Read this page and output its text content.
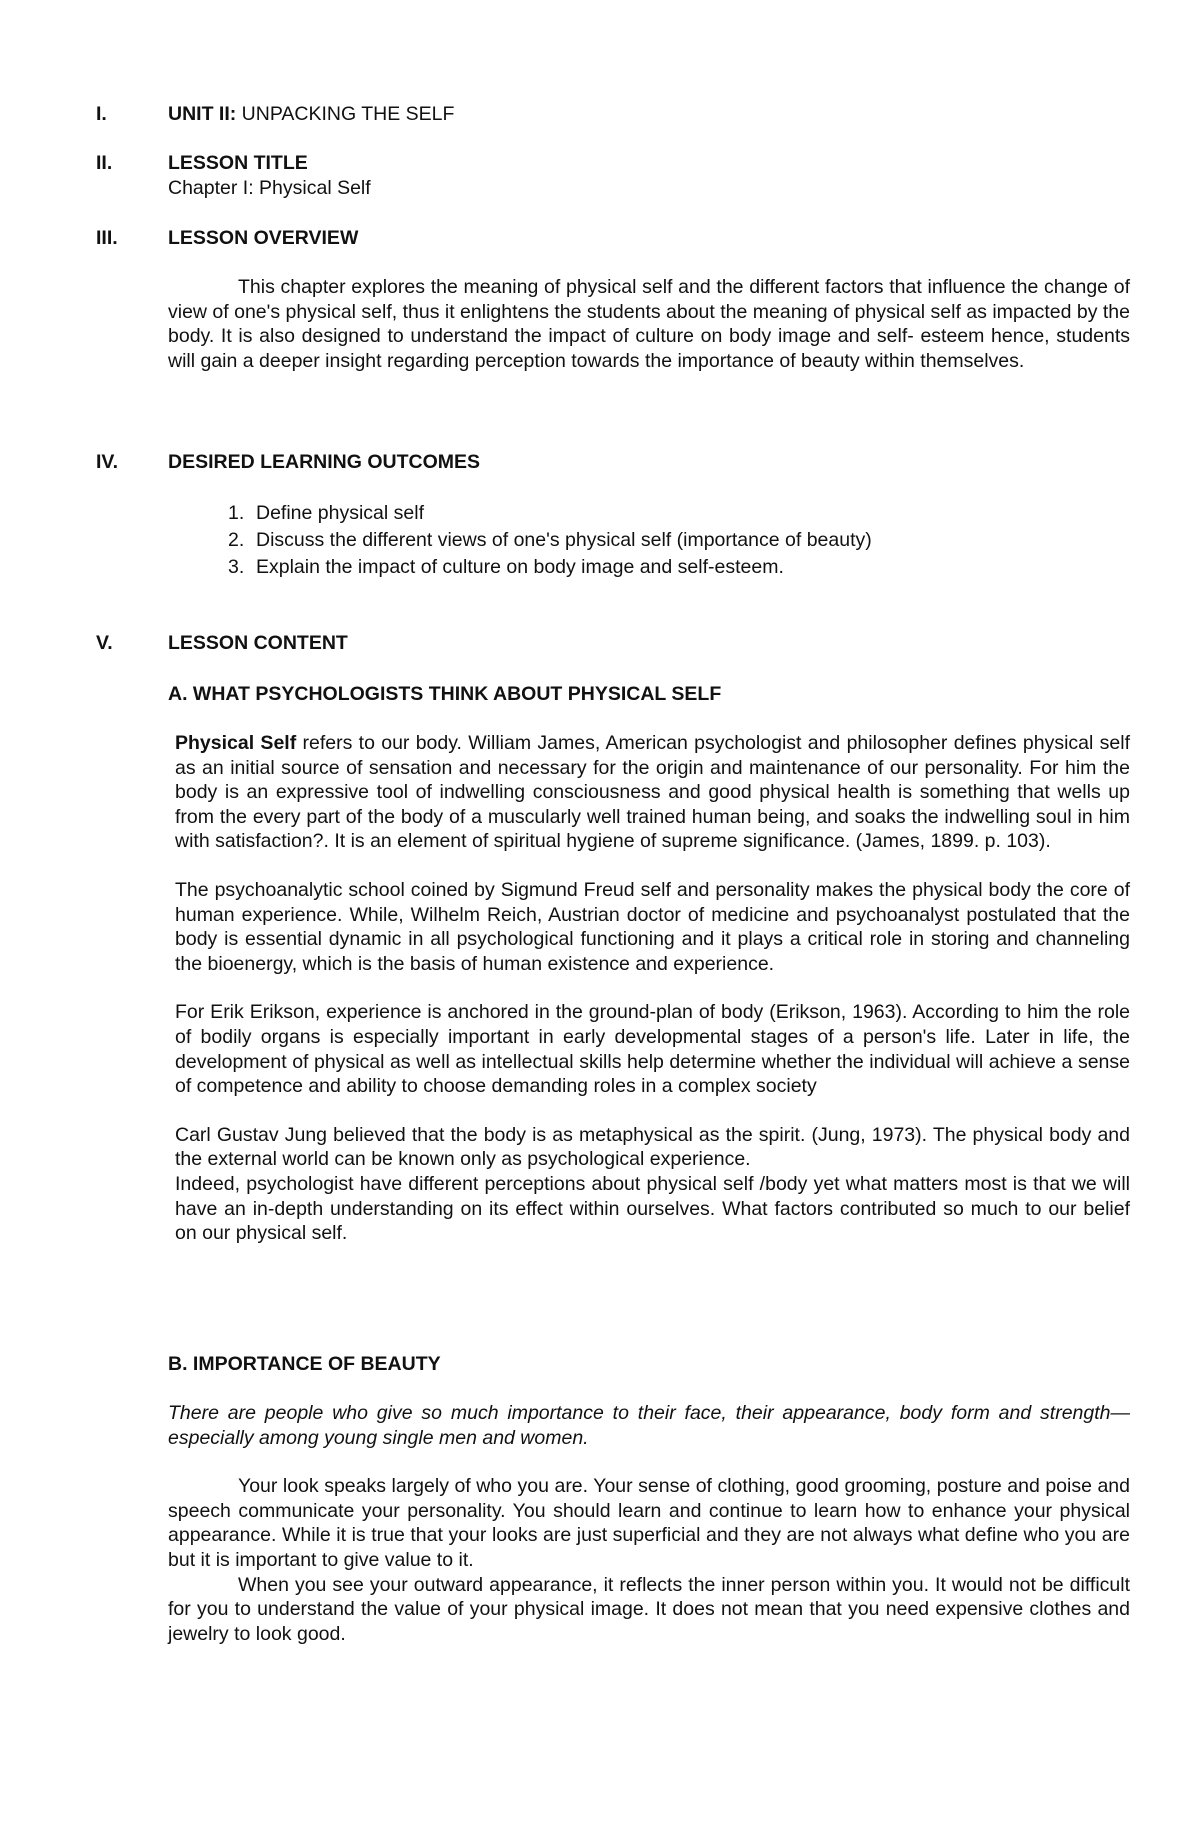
I.	UNIT II: UNPACKING THE SELF
II.	LESSON TITLE
Chapter I: Physical Self
III.	LESSON OVERVIEW

This chapter explores the meaning of physical self and the different factors that influence the change of view of one's physical self, thus it enlightens the students about the meaning of physical self as impacted by the body. It is also designed to understand the impact of culture on body image and self- esteem hence, students will gain a deeper insight regarding perception towards the importance of beauty within themselves.

IV.	DESIRED LEARNING OUTCOMES
1. Define physical self
2. Discuss the different views of one's physical self (importance of beauty)
3. Explain the impact of culture on body image and self-esteem.
V.	LESSON CONTENT
A. WHAT PSYCHOLOGISTS THINK ABOUT PHYSICAL SELF

Physical Self refers to our body. William James, American psychologist and philosopher defines physical self as an initial source of sensation and necessary for the origin and maintenance of our personality. For him the body is an expressive tool of indwelling consciousness and good physical health is something that wells up from the every part of the body of a muscularly well trained human being, and soaks the indwelling soul in him with satisfaction?. It is an element of spiritual hygiene of supreme significance. (James, 1899. p. 103).

The psychoanalytic school coined by Sigmund Freud self and personality makes the physical body the core of human experience. While, Wilhelm Reich, Austrian doctor of medicine and psychoanalyst postulated that the body is essential dynamic in all psychological functioning and it plays a critical role in storing and channeling the bioenergy, which is the basis of human existence and experience.

For Erik Erikson, experience is anchored in the ground-plan of body (Erikson, 1963). According to him the role of bodily organs is especially important in early developmental stages of a person's life. Later in life, the development of physical as well as intellectual skills help determine whether the individual will achieve a sense of competence and ability to choose demanding roles in a complex society

Carl Gustav Jung believed that the body is as metaphysical as the spirit. (Jung, 1973). The physical body and the external world can be known only as psychological experience.

Indeed, psychologist have different perceptions about physical self /body yet what matters most is that we will have an in-depth understanding on its effect within ourselves. What factors contributed so much to our belief on our physical self.

B. IMPORTANCE OF BEAUTY

There are people who give so much importance to their face, their appearance, body form and strength— especially among young single men and women.

Your look speaks largely of who you are. Your sense of clothing, good grooming, posture and poise and speech communicate your personality. You should learn and continue to learn how to enhance your physical appearance. While it is true that your looks are just superficial and they are not always what define who you are but it is important to give value to it.

When you see your outward appearance, it reflects the inner person within you. It would not be difficult for you to understand the value of your physical image. It does not mean that you need expensive clothes and jewelry to look good.
